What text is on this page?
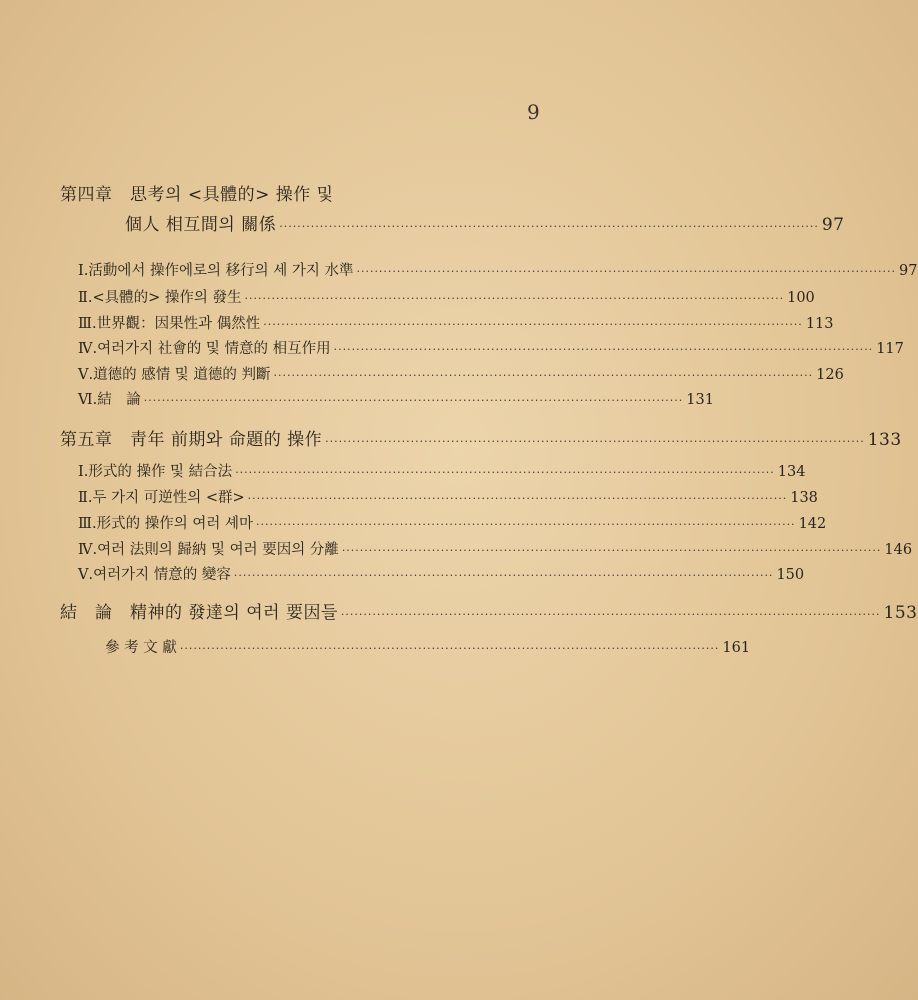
9
第四章　思考의 <具體的> 操作 및
個人 相互間의 關係 ························································································································ 97
Ⅰ. 活動에서 操作에로의 移行의 세 가지 水準 ························································································································ 97
Ⅱ. <具體的> 操作의 發生 ························································································································ 100
Ⅲ. 世界觀：因果性과 偶然性 ························································································································ 113
Ⅳ. 여러가지 社會的 및 情意的 相互作用 ························································································································ 117
Ⅴ. 道德的 感情 및 道德的 判斷 ························································································································ 126
Ⅵ. 結　論 ························································································································ 131
第五章　靑年 前期와 命題的 操作 ························································································································ 133
Ⅰ. 形式的 操作 및 結合法 ························································································································ 134
Ⅱ. 두 가지 可逆性의 <群> ························································································································ 138
Ⅲ. 形式的 操作의 여러 셰마 ························································································································ 142
Ⅳ. 여러 法則의 歸納 및 여러 要因의 分離 ························································································································ 146
Ⅴ. 여러가지 情意的 變容 ························································································································ 150
結　論　精神的 發達의 여러 要因들 ························································································································ 153
參 考 文 獻 ························································································································ 161
